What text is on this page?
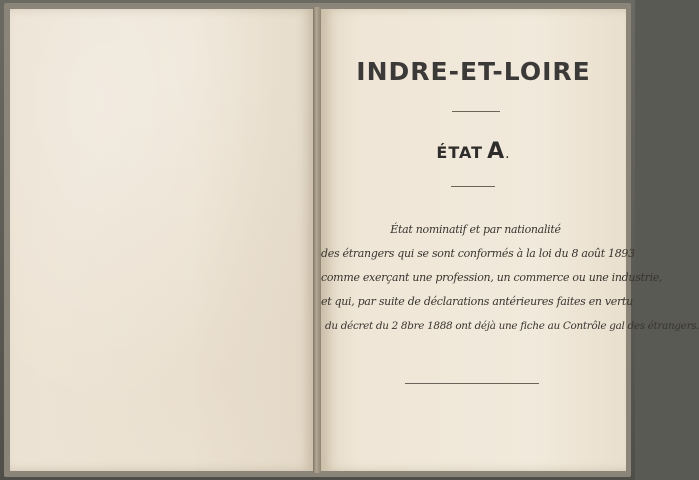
INDRE-ET-LOIRE
ÉTAT A.
État nominatif et par nationalité
des étrangers qui se sont conformés à la loi du 8 août 1893
comme exerçant une profession, un commerce ou une industrie,
et qui, par suite de déclarations antérieures faites en vertu
du décret du 2 8bre 1888 ont déjà une fiche au Contrôle gal des étrangers.
